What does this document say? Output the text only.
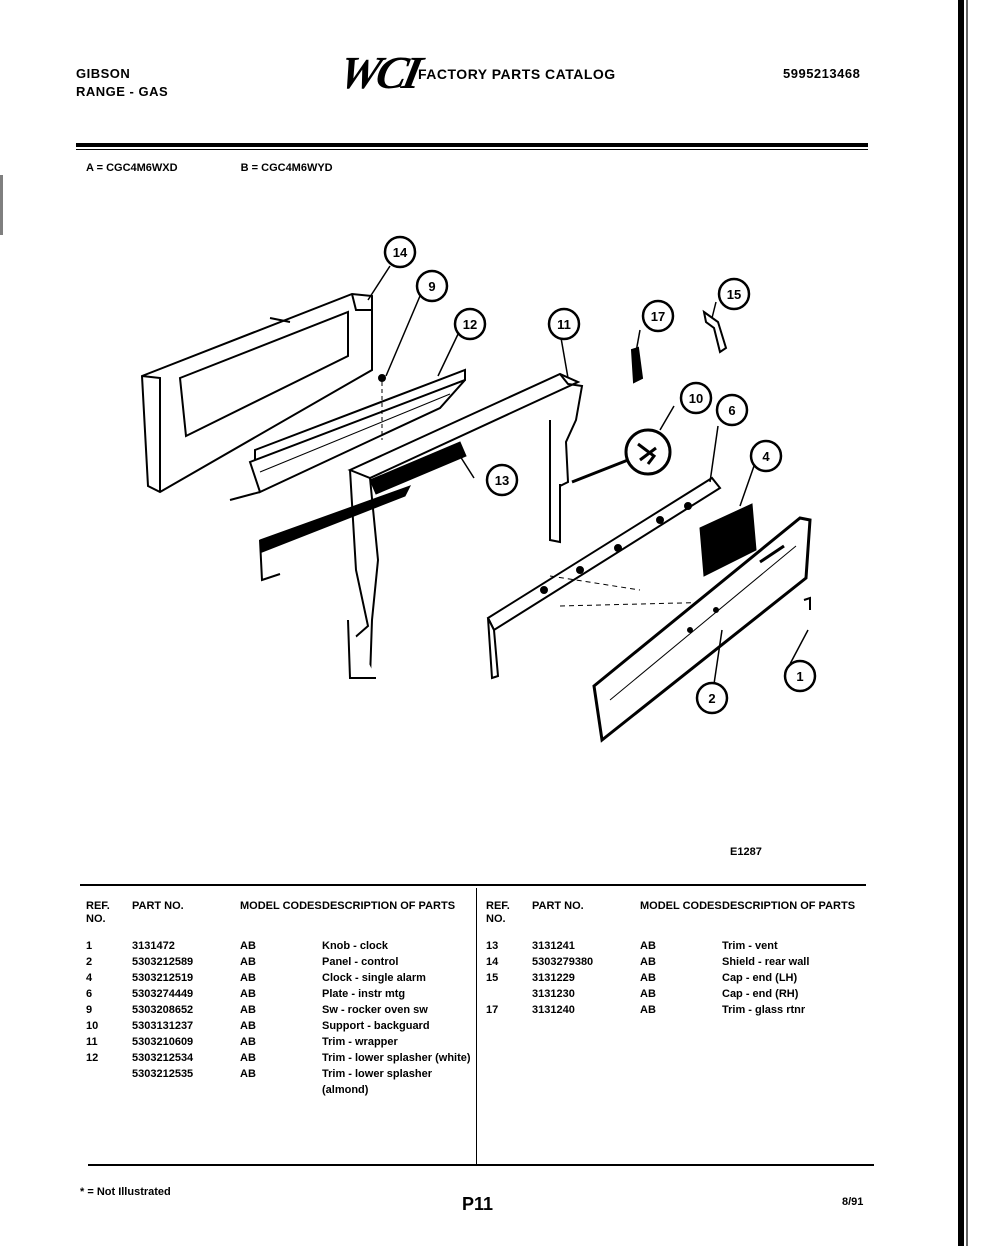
GIBSON
RANGE - GAS	WCI
FACTORY PARTS CATALOG	5995213468
A = CGC4M6WXD	B = CGC4M6WYD
14
9
12	11
17
15
10
6
4
13
1
2
E1287
REF. NO.	PART NO.	MODEL CODES	DESCRIPTION OF PARTS
1	3131472	AB	Knob - clock
2	5303212589	AB	Panel - control
4	5303212519	AB	Clock - single alarm
6	5303274449	AB	Plate - instr mtg
9	5303208652	AB	Sw - rocker oven sw
10	5303131237	AB	Support - backguard
11	5303210609	AB	Trim - wrapper
12	5303212534	AB	Trim - lower splasher (white)
	5303212535	AB	Trim - lower splasher (almond)
REF. NO.	PART NO.	MODEL CODES	DESCRIPTION OF PARTS
13	3131241	AB	Trim - vent
14	5303279380	AB	Shield - rear wall
15	3131229	AB	Cap - end (LH)
	3131230	AB	Cap - end (RH)
17	3131240	AB	Trim - glass rtnr
* = Not Illustrated
P11	8/91
